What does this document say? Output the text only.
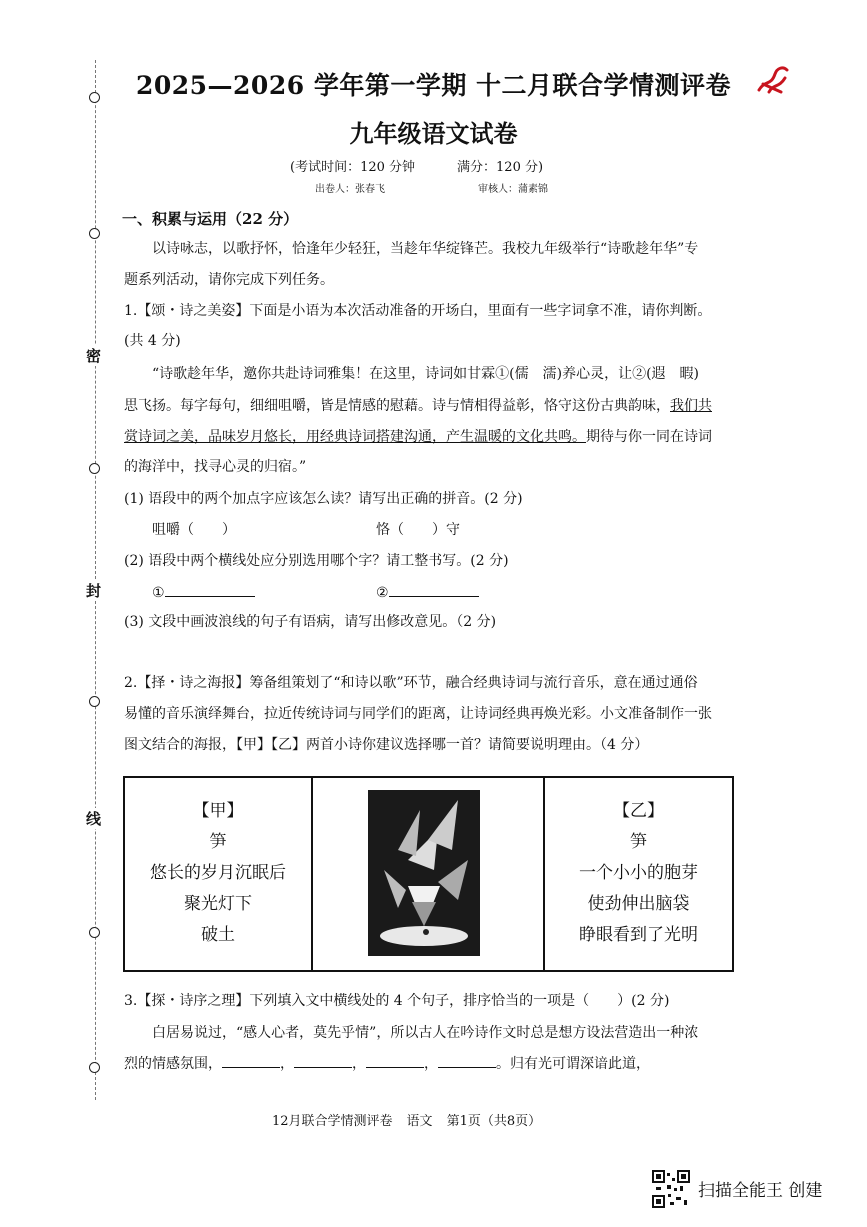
密
封
线
2025—2026 学年第一学期 十二月联合学情测评卷
九年级语文试卷
(考试时间：120 分钟	满分：120 分)
出卷人：张春飞	审核人：蒲素锦
一、积累与运用（22 分）
以诗咏志，以歌抒怀，恰逢年少轻狂，当趁年华绽锋芒。我校九年级举行“诗歌趁年华”专
题系列活动，请你完成下列任务。
1.【颂・诗之美姿】下面是小语为本次活动准备的开场白，里面有一些字词拿不准，请你判断。
(共 4 分)
“诗歌趁年华，邀你共赴诗词雅集！在这里，诗词如甘霖①(儒　濡)养心灵，让②(遐　暇)
思飞扬。每字每句，细细咀嚼，皆是情感的慰藉。诗与情相得益彰，恪守这份古典韵味，我们共
赏诗词之美，品味岁月悠长，用经典诗词搭建沟通，产生温暖的文化共鸣。期待与你一同在诗词
的海洋中，找寻心灵的归宿。”
(1) 语段中的两个加点字应该怎么读？请写出正确的拼音。(2 分)
咀嚼（　　）	恪（　　）守
(2) 语段中两个横线处应分别选用哪个字？请工整书写。(2 分)
①	②
(3) 文段中画波浪线的句子有语病，请写出修改意见。（2 分)
2.【择・诗之海报】筹备组策划了“和诗以歌”环节，融合经典诗词与流行音乐，意在通过通俗
易懂的音乐演绎舞台，拉近传统诗词与同学们的距离，让诗词经典再焕光彩。小文准备制作一张
图文结合的海报，【甲】【乙】两首小诗你建议选择哪一首？请简要说明理由。（4 分）
【甲】
笋
悠长的岁月沉眠后
聚光灯下
破土
【乙】
笋
一个小小的胞芽
使劲伸出脑袋
睁眼看到了光明
3.【探・诗序之理】下列填入文中横线处的 4 个句子，排序恰当的一项是（　　）(2 分)
白居易说过，“感人心者，莫先乎情”，所以古人在吟诗作文时总是想方设法营造出一种浓
烈的情感氛围，	，	，	，	。归有光可谓深谙此道，
12月联合学情测评卷 语文 第1页（共8页）
扫描全能王 创建
